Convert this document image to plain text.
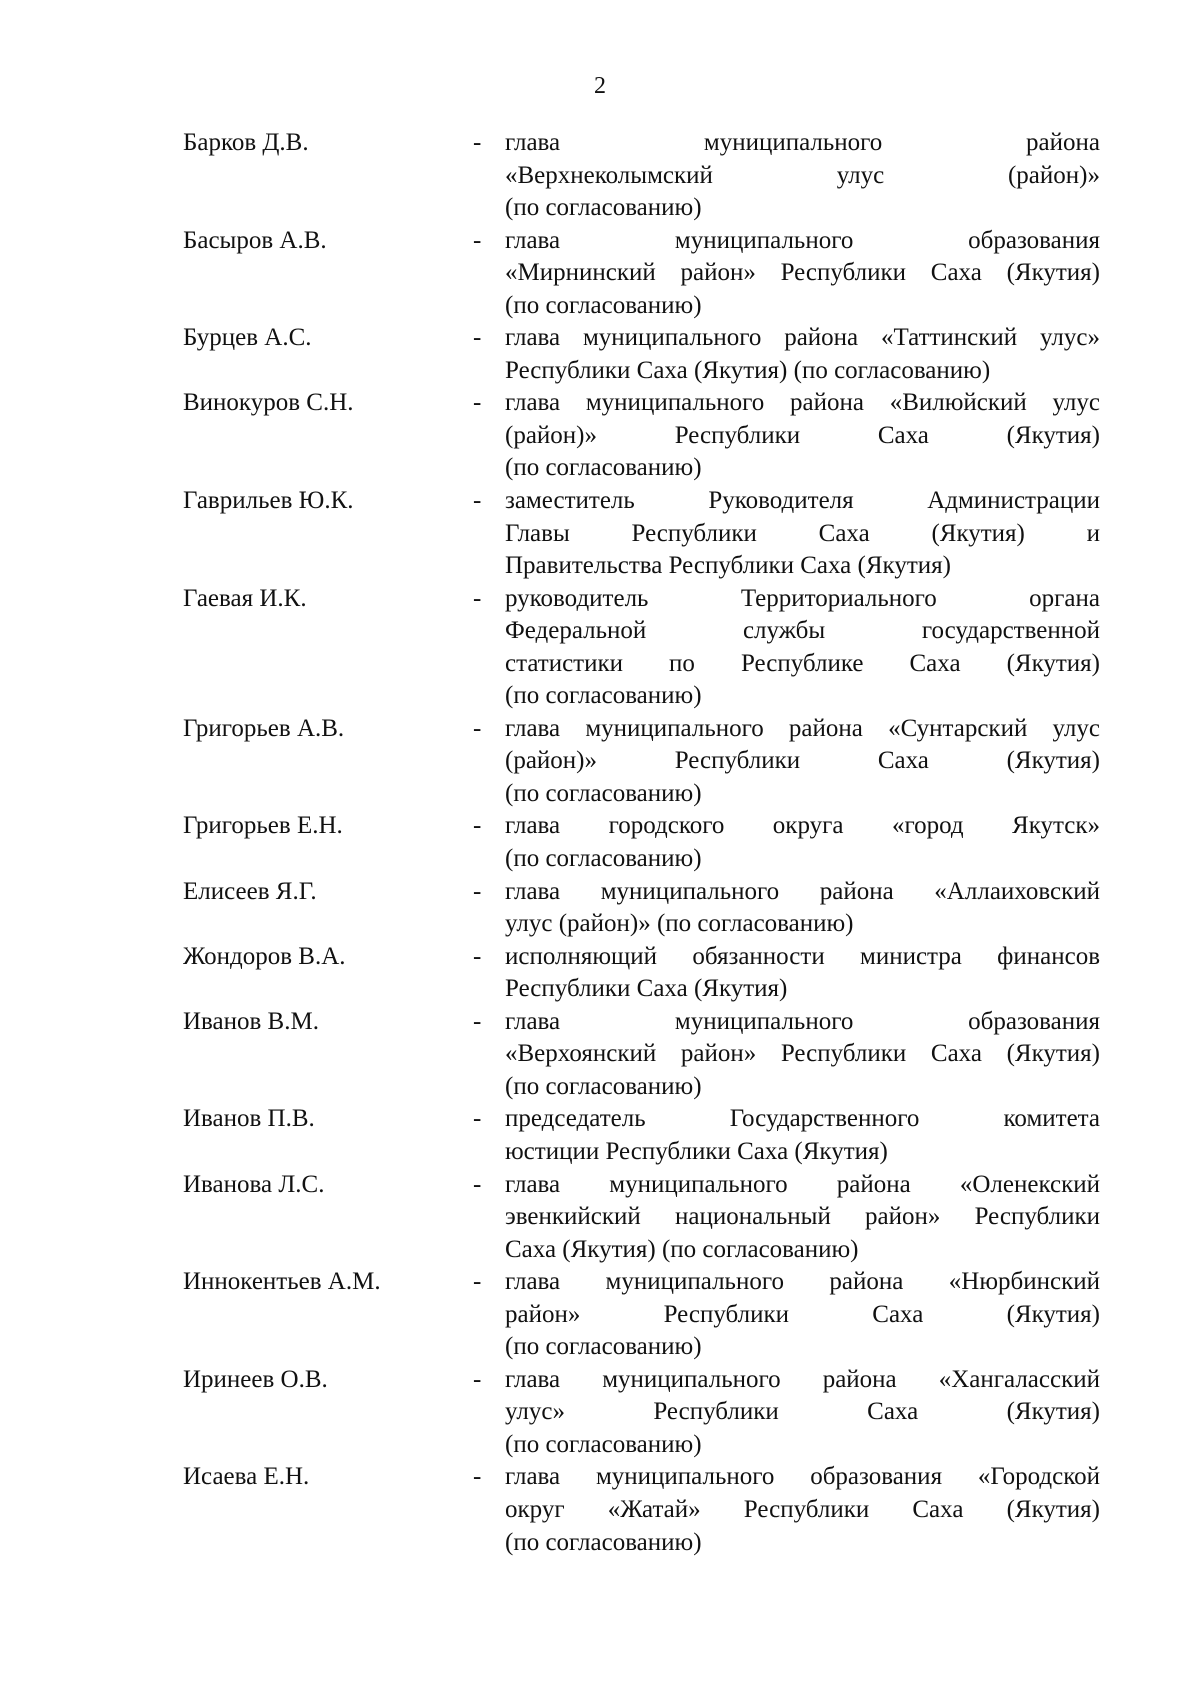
2
Барков Д.В.	- глава муниципального района
«Верхнеколымский улус (район)»
(по согласованию)
Басыров А.В.	- глава муниципального образования
«Мирнинский район» Республики Саха (Якутия)
(по согласованию)
Бурцев А.С.	- глава муниципального района «Таттинский улус»
Республики Саха (Якутия) (по согласованию)
Винокуров С.Н.	- глава муниципального района «Вилюйский улус
(район)» Республики Саха (Якутия)
(по согласованию)
Гаврильев Ю.К.	- заместитель Руководителя Администрации
Главы Республики Саха (Якутия) и
Правительства Республики Саха (Якутия)
Гаевая И.К.	- руководитель Территориального органа
Федеральной службы государственной
статистики по Республике Саха (Якутия)
(по согласованию)
Григорьев А.В.	- глава муниципального района «Сунтарский улус
(район)» Республики Саха (Якутия)
(по согласованию)
Григорьев Е.Н.	- глава городского округа «город Якутск»
(по согласованию)
Елисеев Я.Г.	- глава муниципального района «Аллаиховский
улус (район)» (по согласованию)
Жондоров В.А.	- исполняющий обязанности министра финансов
Республики Саха (Якутия)
Иванов В.М.	- глава муниципального образования
«Верхоянский район» Республики Саха (Якутия)
(по согласованию)
Иванов П.В.	- председатель Государственного комитета
юстиции Республики Саха (Якутия)
Иванова Л.С.	- глава муниципального района «Оленекский
эвенкийский национальный район» Республики
Саха (Якутия) (по согласованию)
Иннокентьев А.М.	- глава муниципального района «Нюрбинский
район» Республики Саха (Якутия)
(по согласованию)
Иринеев О.В.	- глава муниципального района «Хангаласский
улус» Республики Саха (Якутия)
(по согласованию)
Исаева Е.Н.	- глава муниципального образования «Городской
округ «Жатай» Республики Саха (Якутия)
(по согласованию)
